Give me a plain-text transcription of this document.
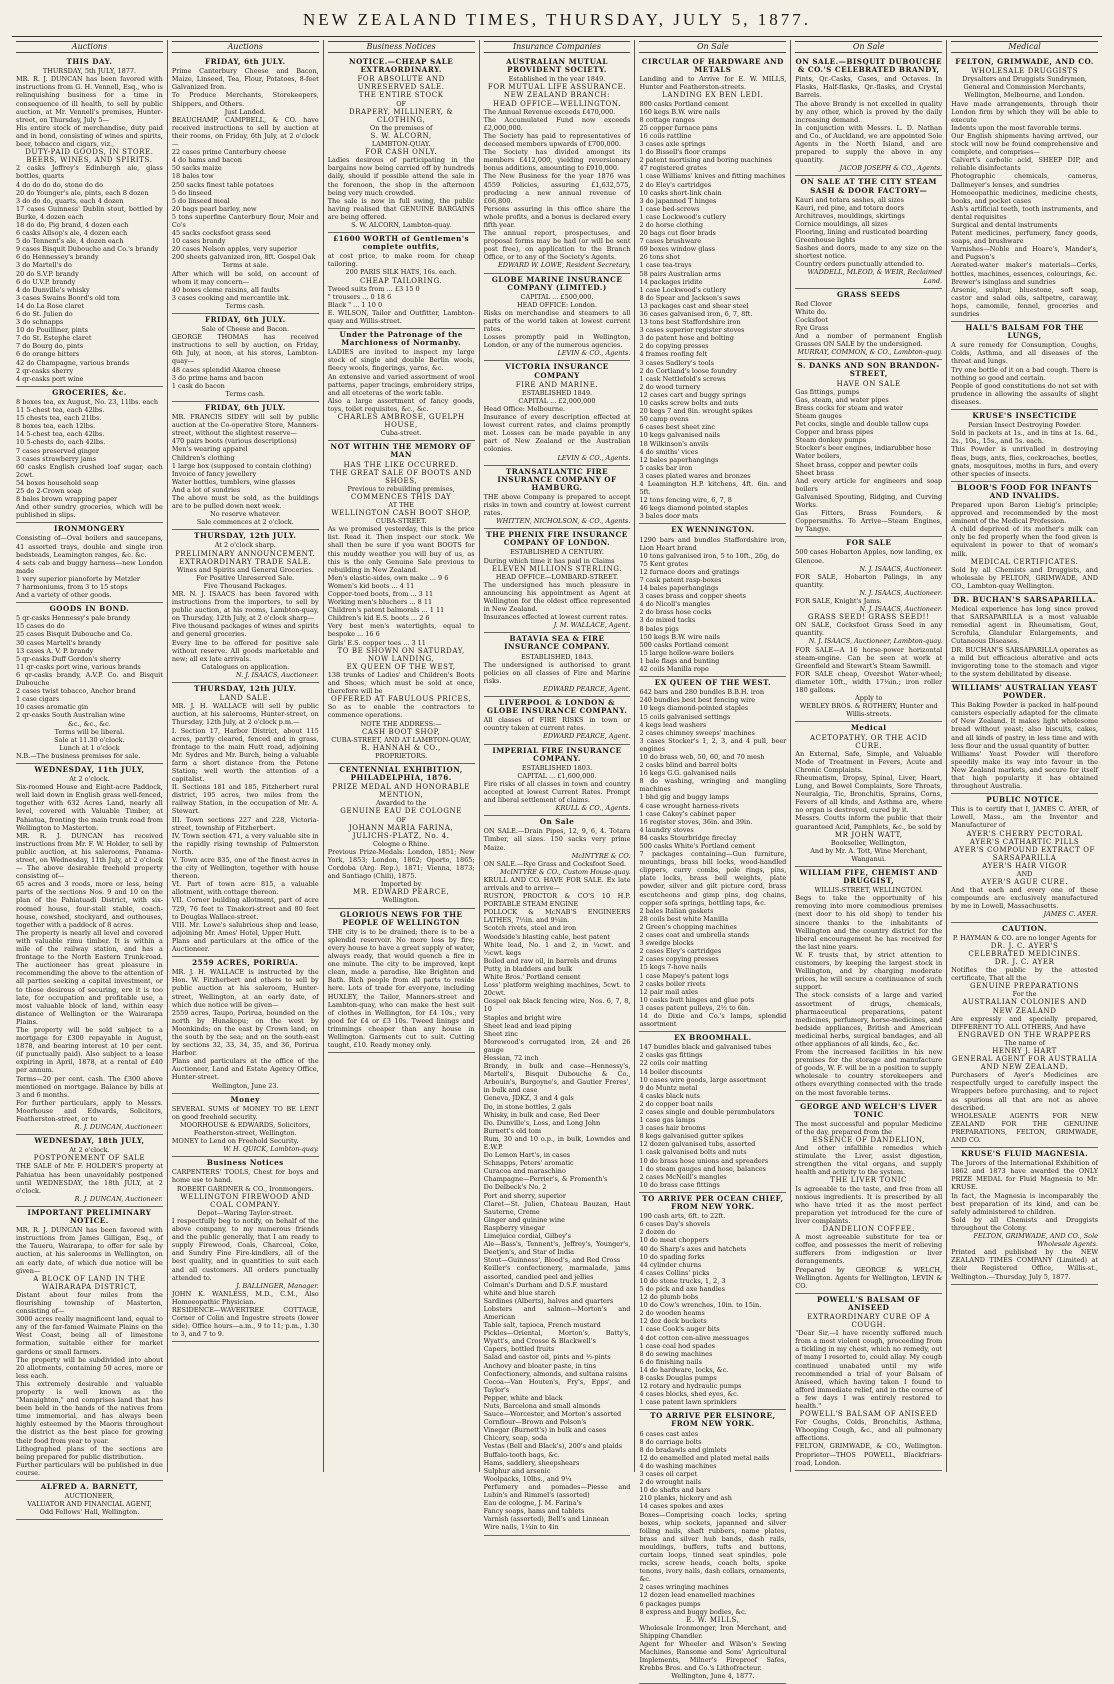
NEW ZEALAND TIMES, THURSDAY, JULY 5, 1877.
Auctions
THIS DAY.
THURSDAY, 5th JULY, 1877.
MR. R. J. DUNCAN has been favored with instructions from G. H. Vennell, Esq., who is relinquishing business for a time in consequence of ill health, to sell by public auction, at Mr. Vennell's premises, Hunter-street, on Thursday, July 5—
His entire stock of merchandise, duty paid and in bond, consisting of wines and spirits, beer, tobacco and cigars, viz.,
DUTY-PAID GOODS, IN STORE.
BEERS, WINES, AND SPIRITS.
2 casks Jeffrey's Edinburgh ale, glass bottles, quarts
4 do do do do, stone do do
20 do Younger's ale, pints, each 8 dozen
3 do do do, quarts, each 4 dozen
17 cases Guinness' Dublin stout, bottled by Burke, 4 dozen each
18 do do, Pig brand, 4 dozen each
6 casks Allsop's ale, 4 dozen each
5 do Tennent's ale, 4 dozen each
9 cases Bisquit Dubouche and Co.'s brandy
6 do Hennessey's brandy
3 do Martell's do
20 do S.V.P. brandy
6 do U.V.P. brandy
4 do Dunville's whisky
3 cases Swains Boord's old tom
14 do La Rose claret
6 do St. Julien do
3 do schnapps
10 do Pouilliner, pints
7 do St. Estephe claret
7 do Bourg do, pints
6 do orange bitters
42 do Champagne, various brands
2 qr-casks sherry
4 qr-casks port wine
GROCERIES, &c.
8 boxes tea, ex August, No. 23, 11lbs. each
11 5-chest tea, each 42lbs.
15 chests tea, each 21lbs.
8 boxes tea, each 12lbs.
14 5-chest tea, each 42lbs.
10 5-chests do, each 42lbs.
7 cases preserved ginger
3 cases strawberry jams
60 casks English crushed loaf sugar, each 2cwt.
54 boxes household soap
25 do 2-Crown soap
8 bales brown wrapping paper
And other sundry groceries, which will be published in slips.
IRONMONGERY
Consisting of—Oval boilers and saucepans, 41 assorted trays, double and single iron bedsteads, Leamington ranges, &c. &c.
4 sets cab and buggy harness—new London made
1 very superior pianoforte by Metzler
7 harmoniums, from 3 to 15 stops
And a variety of other goods.
GOODS IN BOND.
5 qr-casks Hennessy's pale brandy
15 cases do do
25 cases Bisquit Dubouche and Co.
30 cases Martell's brandy
13 cases A. V. P. brandy
5 qr-casks Duff Gordon's sherry
11 qr-casks port wine, various brands
6 qr-casks brandy, A.V.P. Co. and Bisquit Dubouche
2 cases twist tobacco, Anchor brand
1 case cigars
10 cases aromatic gin
2 qr-casks South Australian wine
&c., &c., &c.
Terms will be liberal.
Sale at 11.30 o'clock.
Lunch at 1 o'clock
N.B.—The business premises for sale.
WEDNESDAY, 11th JULY,
At 2 o'clock.
Six-roomed House and Eight-acre Paddock, well laid down in English grass well-fenced, together with 632 Acres Land, nearly all level, covered with Valuable Timber, at Pahiatua, fronting the main trunk road from Wellington to Masterton.
MR. R. J. DUNCAN has received instructions from Mr. F. W. Holder, to sell by public auction, at his salerooms, Panama-street, on Wednesday, 11th July, at 2 o'clock— The above desirable freehold property consisting of—
65 acres and 3 roods, more or less, being parts of the sections Nos. 9 and 10 on the plan of the Pahiatuadi District, with six-roomed house, four-stall stable, coach-house, cowshed, stockyard, and outhouses, together with a paddock of 8 acres.
The property is nearly all level and covered with valuable rimu timber. It is within a mile of the railway station, and has a frontage to the North Eastern Trunk-road. The auctioneer has great pleasure in recommending the above to the attention of all parties seeking a capital investment, or to those desirous of securing, ere it is too late, for occupation and profitable use, a most valuable block of land, within easy distance of Wellington or the Wairarapa Plains.
The property will be sold subject to a mortgage for £300 repayable in August, 1878, and bearing interest at 10 per cent. (if punctually paid). Also subject to a lease expiring in April, 1878, at a rental of £40 per annum.
Terms—20 per cent. cash. The £300 above mentioned on mortgage. Balance by bills at 3 and 6 months.
For further particulars, apply to Messrs. Moorhouse and Edwards, Solicitors, Featherston-street, or to
R. J. DUNCAN, Auctioneer.
WEDNESDAY, 18th JULY,
At 2 o'clock.
POSTPONEMENT OF SALE
THE SALE of Mr. F. HOLDER'S property at Pahiatua has been unavoidably postponed until WEDNESDAY, the 18th JULY, at 2 o'clock.
R. J. DUNCAN, Auctioneer.
IMPORTANT PRELIMINARY NOTICE.
MR. R. J. DUNCAN has been favored with instructions from James Gilligan, Esq., of the Taueru, Wairarapa, to offer for sale by auction, at his salerooms in Wellington, on an early date, of which due notice will be given—
A BLOCK OF LAND IN THE WAIRARAPA DISTRICT,
Distant about four miles from the flourishing township of Masterton, consisting of—
3000 acres really magnificent land, equal to any of the far-famed Waimate Plains on the West Coast, being all of limestone formation, suitable either for market gardens or small farmers.
The property will be subdivided into about 20 allotments, containing 50 acres, more or less each.
This extremely desirable and valuable property is well known as the "Manaighton," and comprises land that has been held in the hands of the natives from time immemorial, and has always been highly esteemed by the Maoris throughout the district as the best place for growing their food from year to year.
Lithographed plans of the sections are being prepared for public distribution.
Further particulars will be published in due course.
ALFRED A. BARNETT,
AUCTIONEER,
VALUATOR AND FINANCIAL AGENT,
Odd Fellows' Hall, Wellington.
Auctions
FRIDAY, 6th JULY.
Prime Canterbury Cheese and Bacon, Maize, Linseed, Tea, Flour, Potatoes, 8-feet Galvanized Iron.
To Produce Merchants, Storekeepers, Shippers, and Others.
Just Landed.
BEAUCHAMP, CAMPBELL, & CO. have received instructions to sell by auction at their rooms, on Friday, 6th July, at 2 o'clock—
22 cases prime Canterbury cheese
4 do hams and bacon
50 sacks maize
18 bales tow
250 sacks finest table potatoes
5 do linseed
5 do linseed meal
20 bags pearl barley, new
5 tons superfine Canterbury flour, Moir and Co's
45 sacks cocksfoot grass seed
10 cases brandy
20 cases Nelson apples, very superior
200 sheets galvanized iron, 8ft. Gospel Oak
Terms at sale.
After which will be sold, on account of whom it may concern—
40 boxes cleme raisins, all faults
3 cases cooking and mercantile ink.
Terms cash.
FRIDAY, 6th JULY.
Sale of Cheese and Bacon.
GEORGE THOMAS has received instructions to sell by auction, on Friday, 6th July, at noon, at his stores, Lambton-quay—
48 cases splendid Akaroa cheese
3 do prime hams and bacon
1 cask do bacon
Terms cash.
FRIDAY, 6th JULY.
MR. FRANCIS SIDEY will sell by public auction at the Co-operative Store, Manners-street, without the slightest reserve—
470 pairs boots (various descriptions)
Men's wearing apparel
Children's clothing
1 large box (supposed to contain clothing)
Invoice of fancy jewellery
Water bottles, tumblers, wine glasses
And a lot of sundries
The above must be sold, as the buildings are to be pulled down next week.
No reserve whatever.
Sale commences at 2 o'clock.
THURSDAY, 12th JULY.
At 2 o'clock sharp.
PRELIMINARY ANNOUNCEMENT.
EXTRAORDINARY TRADE SALE.
Wines and Spirits and General Groceries.
For Positive Unreserved Sale.
Five Thousand Packages.
MR. N. J. ISAACS has been favored with instructions from the importers, to sell by public auction, at his rooms, Lambton-quay, on Thursday, 12th July, at 2 o'clock sharp—
Five thousand packages of wines and spirits and general groceries.
Every line to be offered for positive sale without reserve. All goods marketable and new; all ex late arrivals.
Catalogues on application.
N. J. ISAACS, Auctioneer.
THURSDAY, 12th JULY.
LAND SALE.
MR. J. H. WALLACE will sell by public auction, at his salerooms, Hunter-street, on Thursday, 12th July, at 2 o'clock p.m.—
I. Section 17, Harbor District, about 115 acres, partly cleared, fenced and in grass, frontage to the main Hutt road, adjoining Mr. Sydres and Mr. Burch, being a valuable farm a short distance from the Petone Station; well worth the attention of a capitalist.
II. Sections 181 and 185, Fitzherbert rural district, 195 acres, two miles from the railway Station, in the occupation of Mr. A. Stewart.
III. Town sections 227 and 228, Victoria-street, township of Fitzherbert.
IV. Town section 471, a very valuable site in the rapidly rising township of Palmerston North.
V. Town acre 835, one of the finest acres in the city of Wellington, together with house thereon.
VI. Part of town acre 815, a valuable allotment, with cottage thereon.
VII. Corner building allotment, part of acre 729, 76 feet to Tinakori-street and 80 feet to Douglas Wallace-street.
VIII. Mr. Lowe's salubrious shop and lease, adjoining Mr. Ames' Hotel, Upper Hutt.
Plans and particulars at the office of the Auctioneer.
2559 ACRES, PORIRUA.
MR. J. H. WALLACE is instructed by the Hon. W. Fitzherbert and others to sell by public auction at his saleroom, Hunter-street, Wellington, at an early date, of which due notice will be given—
2559 acres, Taupo, Porirua, bounded on the north by Hunakopu; on the west by Moonkinds; on the east by Crown land; on the south by the sea; and on the south-east by sections 32, 33, 34, 35, and 36, Porirua Harbor.
Plans and particulars at the office of the Auctioneer, Land and Estate Agency Office, Hunter-street.
Wellington, June 23.
Money
SEVERAL SUMS of MONEY TO BE LENT on good freehold security.
MOORHOUSE & EDWARDS, Solicitors,
Featherston-street, Wellington.
MONEY to Lend on Freehold Security.
W. H. QUICK, Lambton-quay.
Business Notices
CARPENTERS' TOOLS, Chest for boys and home use to hand.
ROBERT GARDNER & CO., Ironmongers.
WELLINGTON FIREWOOD AND COAL COMPANY.
Depot—Waring Taylor-street.
I respectfully beg to notify, on behalf of the above company, to my numerous friends and the public generally, that I am ready to supply Firewood, Coals, Charcoal, Coke, and Sundry Fine Fire-kindlers, all of the best quality, and in quantities to suit each and all customers. All orders punctually attended to.
J. BALLINGER, Manager.
JOHN K. WANLESS, M.D., C.M., Also Homoeopathic Physician.
RESIDENCE—WAVERTREE COTTAGE, Corner of Colin and Ingestre streets (lower side). Office hours—a.m., 9 to 11; p.m., 1.30 to 3, and 7 to 9.
Business Notices
NOTICE.—CHEAP SALE EXTRAORDINARY.
FOR ABSOLUTE AND UNRESERVED SALE.
THE ENTIRE STOCK
OF
DRAPERY, MILLINERY, & CLOTHING,
On the premises of
S. W. ALCORN,
LAMBTON-QUAY.
FOR CASH ONLY.
Ladies desirous of participating in the bargains now being carried off by hundreds daily, should if possible attend the sale in the forenoon, the shop in the afternoon being very much crowded.
The sale is now in full swing, the public having realised that GENUINE BARGAINS are being offered.
S. W. ALCORN, Lambton-quay.
£1600 WORTH of Gentlemen's complete outfits,
at cost price, to make room for cheap tailoring.
200 PARIS SILK HATS, 16s. each.
CHEAP TAILORING.
Tweed suits from ... £3 15 0
" trousers ... 0 18 6
Black " ... 1 10 0
E. WILSON, Tailor and Outfitter, Lambton-quay and Willis-street.
Under the Patronage of the Marchioness of Normanby.
LADIES are invited to inspect my large stock of single and double Berlin wools, fleecy wools, fingerings, yarns, &c.
An extensive and varied assortment of wool patterns, paper tracings, embroidery strips, and all etceteras of the work table.
Also a large assortment of fancy goods, toys, toilet requisites, &c., &c.
CHARLES AMBROSE, GUELPH HOUSE,
Cuba-street.
NOT WITHIN THE MEMORY OF MAN
HAS THE LIKE OCCURRED.
THE GREAT SALE OF BOOTS AND SHOES,
Previous to rebuilding premises,
COMMENCES THIS DAY
AT THE
WELLINGTON CASH BOOT SHOP,
CUBA-STREET.
As we promised yesterday, this is the price list. Read it. Then inspect our stock. We shall then be sure if you want BOOTS for this muddy weather you will buy of us, as this is the only Genuine Sale previous to rebuilding in New Zealand.
Men's elastic-sides, own make ... 9 6
Women's kid boots ... 4 11
Copper-toed boots, from ... 3 11
Working men's bluchers ... 8 11
Children's patent balmorals ... 1 11
Children's kid E.S. boots ... 2 6
Very best men's watertights, equal to bespoke ... 16 6
Girls' E.S. copper toes ... 3 11
TO BE SHOWN ON SATURDAY,
NOW LANDING,
EX QUEEN OF THE WEST,
138 trunks of Ladies' and Children's Boots and Shoes, which must be sold at once, therefore will be
OFFERED AT FABULOUS PRICES,
So as to enable the contractors to commence operations.
NOTE THE ADDRESS:—
CASH BOOT SHOP,
CUBA-STREET, AND AT LAMBTON-QUAY,
R. HANNAH & CO.,
PROPRIETORS.
CENTENNIAL EXHIBITION, PHILADELPHIA, 1876.
PRIZE MEDAL AND HONORABLE MENTION,
Awarded to the
GENUINE EAU DE COLOGNE
OF
JOHANN MARIA FARINA,
JULICHS-PLATZ, No. 4.
Cologne o Rhine.
Previous Prize-Medals: London, 1851; New York, 1853; London, 1862; Oporto, 1865; Cordoba (Arg. Rep.), 1871; Vienna, 1873; and Santiago (Chili), 1875.
Imported by
MR. EDWARD PEARCE,
Wellington.
GLORIOUS NEWS FOR THE PEOPLE OF WELLINGTON
THE city is to be drained; there is to be a splendid reservoir. No more loss by fire; every house to have a great supply of water, always ready, that would quench a fire in one minute. The city to be improved, kept clean, made a paradise, like Brighton and Bath. Rich people from all parts to reside here. Lots of trade for everyone, including HUXLEY, the Tailor, Manners-street and Lambton-quay, who can make the best suit of clothes in Wellington, for £4 10s.; very good for £4 or £3 10s. Tweed linings and trimmings cheaper than any house in Wellington. Garments cut to suit. Cutting taught, £10. Ready money only.
Insurance Companies
AUSTRALIAN MUTUAL PROVIDENT SOCIETY.
Established in the year 1849.
FOR MUTUAL LIFE ASSURANCE.
NEW ZEALAND BRANCH:
HEAD OFFICE—WELLINGTON.
The Annual Revenue exceeds £470,000.
The Accumulated Fund now exceeds £2,000,000.
The Society has paid to representatives of deceased members upwards of £700,000.
The Society has divided amongst its members £412,000, yielding reversionary bonus additions, amounting to £910,000.
The New Business for the year 1876 was 4559 Policies, assuring £1,632,575, producing a new annual revenue of £66,800.
Persons assuring in this office share the whole profits, and a bonus is declared every fifth year.
The annual report, prospectuses, and proposal forms may be had (or will be sent post free), on application to the Branch Office, or to any of the Society's Agents.
EDWARD W. LOWE, Resident Secretary.
GLOBE MARINE INSURANCE COMPANY (LIMITED.)
CAPITAL ... £500,000.
HEAD OFFICE: London.
Risks on merchandise and steamers to all parts of the world taken at lowest current rates.
Losses promptly paid in Wellington, London, or any of the numerous agencies.
LEVIN & CO., Agents.
VICTORIA INSURANCE COMPANY
FIRE AND MARINE.
ESTABLISHED 1849.
CAPITAL ... £2,000,000
Head Office: Melbourne.
Insurance of every description effected at lowest current rates, and claims promptly met. Losses can be made payable in any part of New Zealand or the Australian colonies.
LEVIN & CO., Agents.
TRANSATLANTIC FIRE INSURANCE COMPANY OF HAMBURG.
THE above Company is prepared to accept risks in town and country at lowest current rates.
WHITTEN, NICHOLSON, & CO., Agents.
THE PHENIX FIRE INSURANCE COMPANY OF LONDON.
ESTABLISHED A CENTURY.
During which time it has paid in Claims
ELEVEN MILLIONS STERLING.
HEAD OFFICE—LOMBARD-STREET.
The undersigned has much pleasure in announcing his appointment as Agent at Wellington for the oldest office represented in New Zealand.
Insurances effected at lowest current rates.
J. M. WALLACE, Agent.
BATAVIA SEA & FIRE INSURANCE COMPANY.
ESTABLISHED, 1843.
The undersigned is authorised to grant policies on all classes of Fire and Marine risks.
EDWARD PEARCE, Agent.
LIVERPOOL & LONDON & GLOBE INSURANCE COMPANY.
All classes of FIRE RISKS in town or country taken at current rates.
EDWARD PEARCE, Agent.
IMPERIAL FIRE INSURANCE COMPANY.
ESTABLISHED 1803.
CAPITAL ... £1,600,000.
Fire risks of all classes in town and country accepted at lowest Current Rates. Prompt and liberal settlement of claims.
KRULL & CO., Agents.
On Sale
ON SALE.—Drain Pipes, 12, 9, 6, 4. Totara Timber, all sizes. 150 sacks very prime Maize.
McINTYRE & CO.
ON SALE.—Rye Grass and Cocksfoot Seed.
McINTYRE & CO., Custom House-quay.
KRULL AND CO. HAVE FOR SALE. Ex late arrivals and to arrive—
RUSTON, PROCTOR & CO'S 10 H.P. PORTABLE STEAM ENGINE
POLLOCK & McNAB'S ENGINEERS LATHES, 7½in. and 9¼in.
Scotch rivets, steel and iron
Woodside's blasting cable, best patent
White lead, No. 1 and 2, in ¼cwt. and ½cwt. kegs
Boiled and raw oil, in barrels and drums
Putty, in bladders and bulk
White Bros.' Portland cement
Loss' platform weighing machines, 5cwt. to 20cwt.
Gospel oak black fencing wire, Nos. 6, 7, 8, 10
Staples and bright wire
Sheet lead and lead piping
Sheet zinc
Morewood's corrugated iron, 24 and 26 gauge
Hessian, 72 inch
Brandy, in bulk and case—Hennessy's, Martell's, Bisquit Dubouche & Co., Arbouin's, Burgoyne's, and Gautier Freres', in bulk and case
Geneva, JDKZ, 3 and 4 gals
Do, in stone bottles, 2 gals
Whisky, in bulk and case, Red Deer
Do. Dunville's, Loss, and Long John
Burnett's old tom
Rum, 30 and 10 o.p., in bulk, Lowndes and E.W.P.
Do Lemon Hart's, in cases
Schnapps, Peters' aromatic
Curacoa and maraschino
Champagne—Perrier's, & Fromenth's
Do Delbeck's No. 2
Port and sherry, superior
Claret—St. Julien, Chateau Bauzan, Haut Sauterne, Creme
Ginger and quinine wine
Raspberry vinegar
Limejuice cordial, Gilbey's
Ale—Bass's, Tennent's, Jeffrey's, Younger's, Deetjen's, and Star of India
Stout—Guinness', Blood's, and Red Cross
Keiller's confectionery, marmalade, jams assorted, candied peel and jellies
Colman's Durham and D.S.F. mustard
white and blue starch
Sardines (Alberts), halves and quarters
Lobsters and salmon—Morton's and American
Table salt, tapioca, French mustard
Pickles—Oriental, Morton's, Batty's, Wyatt's, and Crosse & Blackwell's
Capers, bottled fruits
Salad and castor oil, pints and ½-pints
Anchovy and bloater paste, in tins
Confectionery, almonds, and sultana raisins
Cocoa—Van Houten's, Fry's, Epps', and Taylor's
Pepper, white and black
Nuts, Barcelona and small almonds
Sauce—Worcester, and Morton's assorted
Cornflour—Brown and Polson's
Vinegar (Burnett's) in bulk and cases
Chicory, soap, soda
Vestas (Bell and Black's), 200's and plaids
Buffalo-tooth bags, &c.
Hams, saddlery, sheepshears
Sulphur and arsenic
Woolpacks, 10lbs., and 9¼
Perfumery and pomades—Piesse and Lubin's and Rimmel's (assorted)
Eau de cologne, J. M. Farina's
Fancy soaps, hams and tablets
Varnish (assorted), Bell's and Linnean
Wire nails, 1¼in to 4in
On Sale
CIRCULAR OF HARDWARE AND METALS
Landing and to Arrive for E. W. MILLS, Hunter and Featherston-streets.
LANDING EX BEN LEDI.
800 casks Portland cement
160 kegs B.W. wire nails
8 cottage ranges
25 copper furnace pans
16 coils rattline
3 cases axle springs
1 do Bissell's floor cramps
2 patent mortising and boring machines
47 registered grates
1 case Williams' knives and fitting machines
2 do Eley's cartridges
10 casks short-link chain
3 do japanned T hinges
1 case bed-screws
1 case Lockwood's cutlery
2 do horse clothing
20 bags cut floor brads
7 cases brushware
69 boxes window glass
26 tons shot
1 case tea-trays
58 pairs Australian arms
14 packages iridite
1 case Lockwood's cutlery
8 do Spear and Jackson's saws
13 packages cast and shear steel
36 cases galvanised iron, 6, 7, 8ft.
13 tons best Staffordshire iron
3 cases superior register stoves
3 do patent hose and bolting
2 do copying presses
4 frames roofing felt
3 cases Sadlery's tools
2 do Cortland's loose foundry
1 cask Nettlefold's screws
2 do wood turnery
12 cases cart and buggy springs
10 casks screw bolts and nuts
20 kegs 7 and 8in. wrought spikes
50 camp ovens
6 cases best sheet zinc
10 kegs galvanised nails
18 Wilkinson's anvils
4 do smiths' vices
12 bales paperhangings
5 casks bar iron
3 cases plated wares and bronzes
4 Leamington H.P. kitchens, 4ft. 6in. and 5ft.
12 tons fencing wire, 6, 7, 8
46 kegs diamond pointed staples
3 bales door mats
EX WENNINGTON.
1290 bars and bundles Staffordshire iron, Lion Heart brand
10 tons galvanised iron, 5 to 10ft., 26g, do
75 Kent grates
12 furnace doors and gratings
7 cask patent rasp-boxes
14 bales paperhangings
3 cases brass and copper sheets
4 do Nicoll's mangles
2 do brass hose cocks
3 do mixed tacks
8 bales pigs
150 kegs B.W. wire nails
500 casks Portland cement
15 large hollow-ware boilers
1 bale flags and bunting
42 coils Manilla rope
EX QUEEN OF THE WEST.
642 bars and 280 bundles B.B.H. iron
240 bundles best best fencing wire
10 kegs diamond-pointed staples
15 coils galvanised settings
4 kegs lead washers
2 cases chimney sweeps' machines
3 cases Stocker's 1, 2, 3, and 4 pull, beer engines
10 do brass web, 50, 60, and 70 mesh
2 casks blind and barrel bolts
16 kegs G.G. galvanised nails
8 do washing, wringing and mangling machines
1 bhd gig and buggy lamps
4 case wrought harness-rivets
1 case Cakey's cabinet paper
16 register stoves, 36in. and 39in.
4 laundry stoves
84 casks Stourbridge fireclay
500 casks White's Portland cement
7 packages containing—Gun furniture, mountings, brass bill locks, wood-handled clippers, curry combs, pole rings, pins, plate locks, brass bell weights, plate powder, silver and gilt picture cord, brass escutcheons and gimp pins, dog chains, copper sofa springs, bottling taps, &c.
2 bales Italian gaskets
28 coils best white Manilla
2 Green's chopping machines
2 cases coat and umbrella stands
3 swedge blocks
2 cases Eley's cartridges
2 cases copying presses
15 kegs 7-hove nails
1 case Mapey's patent logs
2 casks boiler rivets
12 pair mail axles
10 casks butt hinges and glue pots
3 cases patent pulleys, 2½ to 6in.
14 do Dixie and Co.'s lamps, splendid assortment
EX BROOMHALL.
147 bundles black and galvanised tubes
2 casks gas fittings
22 coils coir matting
14 boiler discounts
10 cases wire goods, large assortment
9 do Muntz metal
4 casks black nuts
2 do copper boat nails
2 cases single and double perambulators
1 case gas lamps
3 cases hair brooms
8 kegs galvanised gutter spikes
12 dozen galvanised tubs, assorted
1 cask galvanised bolts and nuts
10 do brass hose unions and spreaders
1 do steam gauges and hose, balances
2 cases McNeill's mangles
10 do brass case fittings
TO ARRIVE PER OCEAN CHIEF, FROM NEW YORK.
190 cash arts, 6ft. to 22ft.
6 cases Day's shovels
2 dozen do
10 do meat choppers
40 do Sharp's axes and hatchets
10 do spading forks
44 cylinder churns
4 cases Collins' picks
10 do stone trucks, 1, 2, 3
5 do pick and axe handles
12 do plumb bobs
10 do Cow's wrenches, 10in. to 15in.
2 do wooden heams
12 doz deck buckets
1 case Cook's auger bits
4 dot cotton cen-alive messuages
1 case coal hod spades
8 do sewing machines
6 do finishing nails
14 do hardware, locks, &c.
8 casks Douglas pumps
12 rotary and hydraulic pumps
4 cases blocks, shed eyes, &c.
1 case patent lawn sprinklers
TO ARRIVE PER ELSINORE, FROM NEW YORK.
6 cases cast axles
8 do carriage bolts
8 do bradawls and gimlets
12 do enamelled and plated metal nails
4 do washing machines
3 cases oil carpet
2 do wrought nails
10 do shafts and bars
210 planks, hickory and ash
14 cases spokes and axes
Boxes—Comprising coach locks, spring boxes, whip sockets, japanned and silver foiling nails, shaft rubbers, name plates, brass and silver hub bands, dash rails, mouldings, buffers, tufts and buttons, curtain loops, tinned seat spindles, pole racks, screw heads, coach bolts, spoke tenons, ivory nails, dash collars, ornaments, &c.
2 cases wringing machines
12 dozen lead enamelled machines
6 packages pumps
8 express and buggy bodies, &c.
E. W. MILLS,
Wholesale Ironmonger, Iron Merchant, and Shipping Chandler.
Agent for Wheeler and Wilson's Sewing Machines, Ransome and Sons' Agricultural Implements, Milner's Fireproof Safes, Krebbs Bros. and Co.'s Lithofracteur.
Wellington, June 4, 1877.
On Sale
ON SALE.—BISQUIT DUBOUCHE & CO.'S CELEBRATED BRANDY,
Pints, Qr.-Casks, Cases, and Octaves. In Flasks, Half-flasks, Qr.-flasks, and Crystal Barrels.
The above Brandy is not excelled in quality by any other, which is proved by the daily increasing demand.
In conjunction with Messrs. L. D. Nathan and Co., of Auckland, we are appointed Sole Agents in the North Island, and are prepared to supply the above in any quantity.
JACOB JOSEPH & CO., Agents.
ON SALE AT THE CITY STEAM SASH & DOOR FACTORY—
Kauri and totara sashes, all sizes
Kauri, red pine, and totara doors
Architraves, mouldings, skirtings
Cornice mouldings, all sizes
Flooring, lining and rusticated boarding
Greenhouse lights
Sashes and doors, made to any size on the shortest notice.
Country orders punctually attended to.
WADDELL, MLEOD, & WEIR, Reclaimed Land.
GRASS SEEDS
Red Clover
White do.
Cocksfoot
Rye Grass
And a number of permanent English Grasses ON SALE by the undersigned.
MURRAY, COMMON, & CO., Lambton-quay.
S. DANKS AND SON BRANDON-STREET,
HAVE ON SALE
Gas fittings, pumps
Gas, steam, and water pipes
Brass cocks for steam and water
Steam gauges
Pet cocks, single and double tallow cups
Copper and brass pipes
Steam donkey pumps
Stocker's beer engines, indiarubber hose
Water boilers,
Sheet brass, copper and pewter coils
Sheet brass
And every article for engineers and soap boilers
Galvanised Spouting, Ridging, and Curving Works.
Gas Fitters, Brass Founders, & Coppersmiths. To Arrive—Steam Engines, by Tangye.
FOR SALE
500 cases Hobarton Apples, now landing, ex Glencoe.
N. J. ISAACS, Auctioneer.
FOR SALE, Hobarton Palings, in any quantity.
N. J. ISAACS, Auctioneer.
FOR SALE, Knight's Jams.
N. J. ISAACS, Auctioneer.
GRASS SEED! GRASS SEED!!
ON SALE, Cocksfoot Grass Seed in any quantity.
N. J. ISAACS, Auctioneer, Lambton-quay.
FOR SALE—A 16 horse-power horizontal steam-engine. Can be seen at work at Greenfield and Stewart's Steam Sawmill.
FOR SALE cheap, Overshot Water-wheel; diameter 10ft., width 17¼in.; iron roller 180 gallons.
Apply to
WEBLEY BROS. & ROTHERY, Hunter and Willis-streets.
Medical
ACETOPATHY, OR THE ACID CURE.
An External, Safe, Simple, and Valuable Mode of Treatment in Fevers, Acute and Chronic Complaints.
Rheumatism, Dropsy, Spinal, Liver, Heart, Lung, and Bowel Complaints, Sore Throats, Neuralgia, Tic, Bronchitis, Sprains, Corns, Fevers of all kinds, and Asthma are, where no organ is destroyed, cured by it.
Messrs. Coutts inform the public that their guaranteed Acid, Pamphlets, &c., be sold by
MR JOHN WATT,
Bookseller, Wellington,
And by Mr. A. Tott, Wine Merchant, Wanganui.
WILLIAM FIFE, CHEMIST AND DRUGGIST,
WILLIS-STREET, WELLINGTON.
Begs to take the opportunity of his removing into more commodious premises (next door to his old shop) to tender his sincere thanks to the inhabitants of Wellington and the country district for the liberal encouragement he has received for the last nine years.
W. F. trusts that, by strict attention to customers, by keeping the largest stock in Wellington, and by charging moderate prices, he will secure a continuance of such support.
The stock consists of a large and varied assortment of drugs, chemicals, pharmaceutical preparations, patent medicines, perfumery, horse-medicines, and bedside appliances, British and American medicinal herbs, surgical bandages, and all other appliances of all kinds, &c., &c.
From the increased facilities in his new premises for the storage and manufacture of goods, W. F. will be in a position to supply wholesale to country storekeepers and others everything connected with the trade on the most favorable terms.
GEORGE AND WELCH'S LIVER TONIC
The most successful and popular Medicine of the day, prepared from the
ESSENCE OF DANDELION,
And other infallible remedies which stimulate the Liver, assist digestion, strengthen the vital organs, and supply health and activity to the system.
THE LIVER TONIC
Is agreeable to the taste, and free from all noxious ingredients. It is prescribed by all who have tried it as the most perfect preparation yet introduced for the cure of liver complaints.
DANDELION COFFEE.
A most agreeable substitute for tea or coffee, and possesses the merit of relieving sufferers from indigestion or liver derangements.
Prepared by GEORGE & WELCH, Wellington. Agents for Wellington, LEVIN & CO.
POWELL'S BALSAM OF ANISEED
EXTRAORDINARY CURE OF A COUGH.
"Dear Sir,—I have recently suffered much from a most violent cough, proceeding from a tickling in my chest, which no remedy, out of many I resorted to, could allay. My cough continued unabated until my wife recommended a trial of your Balsam of Aniseed, which having taken I found to afford immediate relief, and in the course of a few days I was entirely restored to health."
POWELL'S BALSAM OF ANISEED
For Coughs, Colds, Bronchitis, Asthma, Whooping Cough, &c., and all pulmonary affections.
FELTON, GRIMWADE, & CO., Wellington. Proprietor—THOS POWELL, Blackfriars-road, London.
Medical
FELTON, GRIMWADE, AND CO.
WHOLESALE DRUGGISTS
Drysalters and Druggists Sundrymen,
General and Commission Merchants,
Wellington, Melbourne, and London.
Have made arrangements, through their London firm by which they will be able to execute
Indents upon the most favorable terms.
Our English shipments having arrived, our stock will now be found comprehensive and complete, and comprises—
Calvert's carbolic acid, SHEEP DIP, and reliable disinfectants
Photographic chemicals, cameras, Dallmeyer's lenses, and sundries
Homoeopathic medicines, medicine chests, books, and pocket cases
Ash's artificial teeth, tooth instruments, and dental requisites
Surgical and dental instruments
Patent medicines, perfumery, fancy goods, soaps, and brushware
Varnishes—Noble and Hoare's, Mander's, and Pugson's
Aerated-water maker's materials—Corks, bottles, machines, essences, colourings, &c.
Brewer's isinglass and sundries
Arsenic, sulphur, bluestone, soft soap, castor and salad oils, saltpetre, caraway, hops, camomile, fennel, groceries and sundries
HALL'S BALSAM FOR THE LUNGS,
A sure remedy for Consumption, Coughs, Colds, Asthma, and all diseases of the throat and lungs.
Try one bottle of it on a bad cough. There is nothing so good and certain.
People of good constitutions do not set with prudence in allowing the assaults of slight diseases.
KRUSE'S INSECTICIDE
Persian Insect Destroying Powder.
Sold in packets at 1s., and in tins at 1s. 6d., 2s., 10s., 15s., and 5s. each.
This Powder is unrivalled in destroying fleas, bugs, ants, flies, cockroaches, beetles, gnats, mosquitoes, moths in furs, and every other species of insects.
BLOOR'S FOOD FOR INFANTS AND INVALIDS.
Prepared upon Baron Liebig's principle; approved and recommended by the most eminent of the Medical Profession.
A child deprived of its mother's milk can only be fed properly when the food given is equivalent in power to that of woman's milk.
MEDICAL CERTIFICATES.
Sold by all Chemists and Druggists, and wholesale by FELTON, GRIMWADE, AND CO., Lambton-quay Wellington.
DR. BUCHAN'S SARSAPARILLA.
Medical experience has long since proved that SARSAPARILLA is a most valuable remedial agent in Rheumatism, Gout, Scrofula, Glandular Enlargements, and Cutaneous Diseases.
DR. BUCHAN'S SARSAPARILLA operates as a mild but efficacious alterative and acts invigorating tone to the stomach and vigor to the system debilitated by disease.
WILLIAMS' AUSTRALIAN YEAST POWDER.
This Baking Powder is packed in half-pound canisters especially adapted for the climate of New Zealand. It makes light wholesome bread without yeast; also biscuits, cakes, and all kinds of pastry, in less time and with less flour and the usual quantity of butter.
Williams' Yeast Powder will therefore speedily make its way into favour in the New Zealand markets, and secure for itself that high popularity it has obtained throughout Australia.
PUBLIC NOTICE.
This is to certify that I, JAMES C. AYER, of Lowell, Mass., am the Inventor and Manufacturer of
AYER'S CHERRY PECTORAL
AYER'S CATHARTIC PILLS
AYER'S COMPOUND EXTRACT OF SARSAPARILLA
AYER'S HAIR VIGOR
AND
AYER'S AGUE CURE.
And that each and every one of these compounds are exclusively manufactured by me in Lowell, Massachusetts.
JAMES C. AYER.
CAUTION.
P. HAYMAN & CO. are no longer Agents for
DR. J. C. AYER'S
CELEBRATED MEDICINES.
DR. J. C. AYER
Notifies the public by the attested certificate, That all the
GENUINE PREPARATIONS
For the
AUSTRALIAN COLONIES AND NEW ZEALAND
Are expressly and specially prepared, DIFFERENT TO ALL OTHERS, And have
ENGRAVED ON THE WRAPPERS
The name of
HENRY J. HART
GENERAL AGENT FOR AUSTRALIA AND NEW ZEALAND.
Purchasers of Ayer's Medicines are respectfully urged to carefully inspect the Wrappers before purchasing, and to reject as spurious all that are not as above described.
WHOLESALE AGENTS FOR NEW ZEALAND FOR THE GENUINE PREPARATIONS, FELTON, GRIMWADE, AND CO.
KRUSE'S FLUID MAGNESIA.
The Jurors of the International Exhibition of 1862 and 1873 have awarded the ONLY PRIZE MEDAL for Fluid Magnesia to Mr. KRUSE.
In fact, the Magnesia is incomparably the best preparation of its kind, and can be safely administered to children.
Sold by all Chemists and Druggists throughout the Colony.
FELTON, GRIMWADE, AND CO., Sole Wholesale Agents.
Printed and published by the NEW ZEALAND TIMES COMPANY (Limited) at their Registered Office, Willis-st., Wellington.—Thursday, July 5, 1877.
